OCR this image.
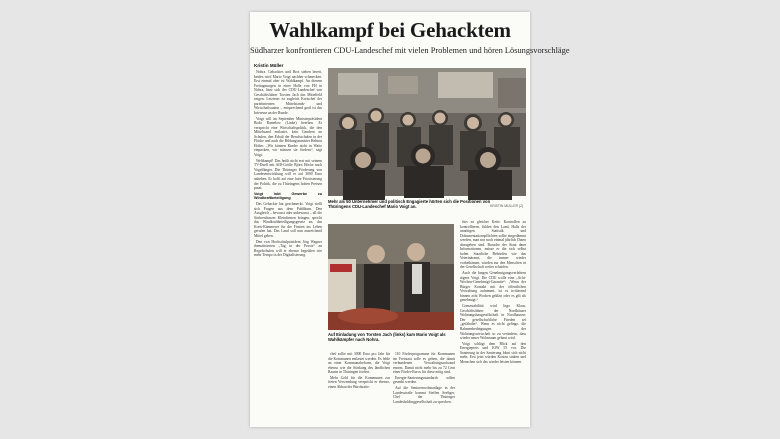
Wahlkampf bei Gehacktem
Südharzer konfrontieren CDU-Landeschef mit vielen Problemen und hören Lösungsvorschläge
Kristin Müller

Nohra. Gehacktes und Brot stehen bereit, beides wird Mario Voigt nachher schmecken. Erst einmal aber ist Wahlkampf. An diesem Freitagmorgen in einer Halle von FH in Nohra, lässt sich der CDU-Landeschef von Geschäftsführer Torsten Jach das Mittelfeld zeigen. Letzterer ist zugleich Kreischef der parteiinternen Mittelstands- und Wirtschaftsunion – entsprechend groß ist das Interesse an der Runde.

Voigt will im September Ministerpräsident Bodo Ramelow (Linke) beerben. Er verspricht eine Wirtschaftspolitik, die den Mittelstand entlastet, kein Gendern an Schulen, den Erhalt der Berufsschulen in der Fläche und auch die Bildungsminister Helmut Holter. „Wir können Kinder nicht in Watte einpacken, wir müssen sie fördern“, sagt Voigt.

Weltkampf! Das heißt nicht erst mit seinem TV-Duell mit AfD-Größe Björn Höcke nach Vogelfänger. Die Thüringer Förderung von Landesentwicklung will er auf 3000 Euro anheben. Er hofft auf eine faire Priorisierung der Politik, die zu Thüringens hohen Preisen passt.

Voigt lobt Gewerbe zu Windkraftbeteiligung

Das Gehackte hat geschmeckt. Voigt stellt sich Fragen aus dem Publikum. Den Ausgleich – bewusst oder unbewusst – all die Südwestharzer Kleinfirmen bringen, spricht das Windkraftbeteiligungsgesetz an, das Kreis-Kämmerer für die Firmen ins Leben gerufen hat. Das Land soll nun ausreichend Mittel geben.

Den von Hochschulpräsident Jörg Wagner thematisierten „Tag in der Praxis“ an Regelschulen will er ebenso begrüßen wie mehr Tempo in der Digitalisierung.

Mehr als 50 Unternehmer und politisch Engagierte hörten sich die Positionen von Thüringens CDU-Landeschef Mario Voigt an.	KRISTIN MÜLLER (2)
Auf Einladung von Torsten Jach (links) kam Mario Voigt als Wahlkämpfer nach Nohra.

chef sollte mit 3000 Euro pro Jahr für die Kommunen entlastet werden. Es fehle an einer Kommunalreform, die Voigt ebenso wie die Stärkung des ländlichen Raums in Thüringen fordert.

Mehr Geld für die Kommunen zur freien Verwendung verspricht er ebenso, einen Abbau der Bürokratie.

110 Förderprogramme für Kommunen im Freistaat solle es geben, die damit verbundenen Verwaltungsaufwand enorm. Damit nicht mehr bis zu 72 Cent einer Förder-Euros für diese nötig sind.

Energie-Sanierungsstandards sollen gesenkt werden.

Auf die Seniorenwohnanlage in der Landesstraße kommt Steffen Seeliger, Chef der Thüringer Landesholdinggesellschaft zu sprechen.

fürs zu gleicher Kette. Kontrollen zu kontrollieren, fühlen den Land, Halls der unnötigen Statistik und Dokumentationspflichten sollte eingedämmt werden, man nur noch einmal jährlich Daten abzugeben sind. Brauche der Staat dann Informationen, müsse er die sich selbst holen. Staatliche Behörden wie das Veterinäramt, die immer wieder vorbeikämen, würden zur den Menschen in der Gesellschaft weiter schürfen.

Auch die langen Genehmigungsverfahren ärgern Voigt. Die CDU wolle eine „Acht-Wochen-Genehmigt-Garantie“: „Wenn der Bürger Kontakt mit der öffentlichen Verwaltung aufnimmt, ist es irritierend binnen acht Wochen geklärt oder es gilt als genehmigt.“

Grenzstabilität wird Ingo Klaus, Geschäftsführer der Nordhäuser Wohnungsbaugesellschaft in Nordhausen: Der gesellschaftliche Frieden sei „gefährdet“. Wenn es nicht gelinge, die Rahmenbedingungen der Wohnungswirtschaft so zu verändern, dass wieder neuer Wohnraum gebaut wird.

Voigt schlägt dem Blick auf den Energiepreis und KfW 55 vor. Die Sanierung in der Sanierung lohnt sich nicht mehr. Erst jetzt würden Kosten sinken und Menschen sich das wieder leisten können.
